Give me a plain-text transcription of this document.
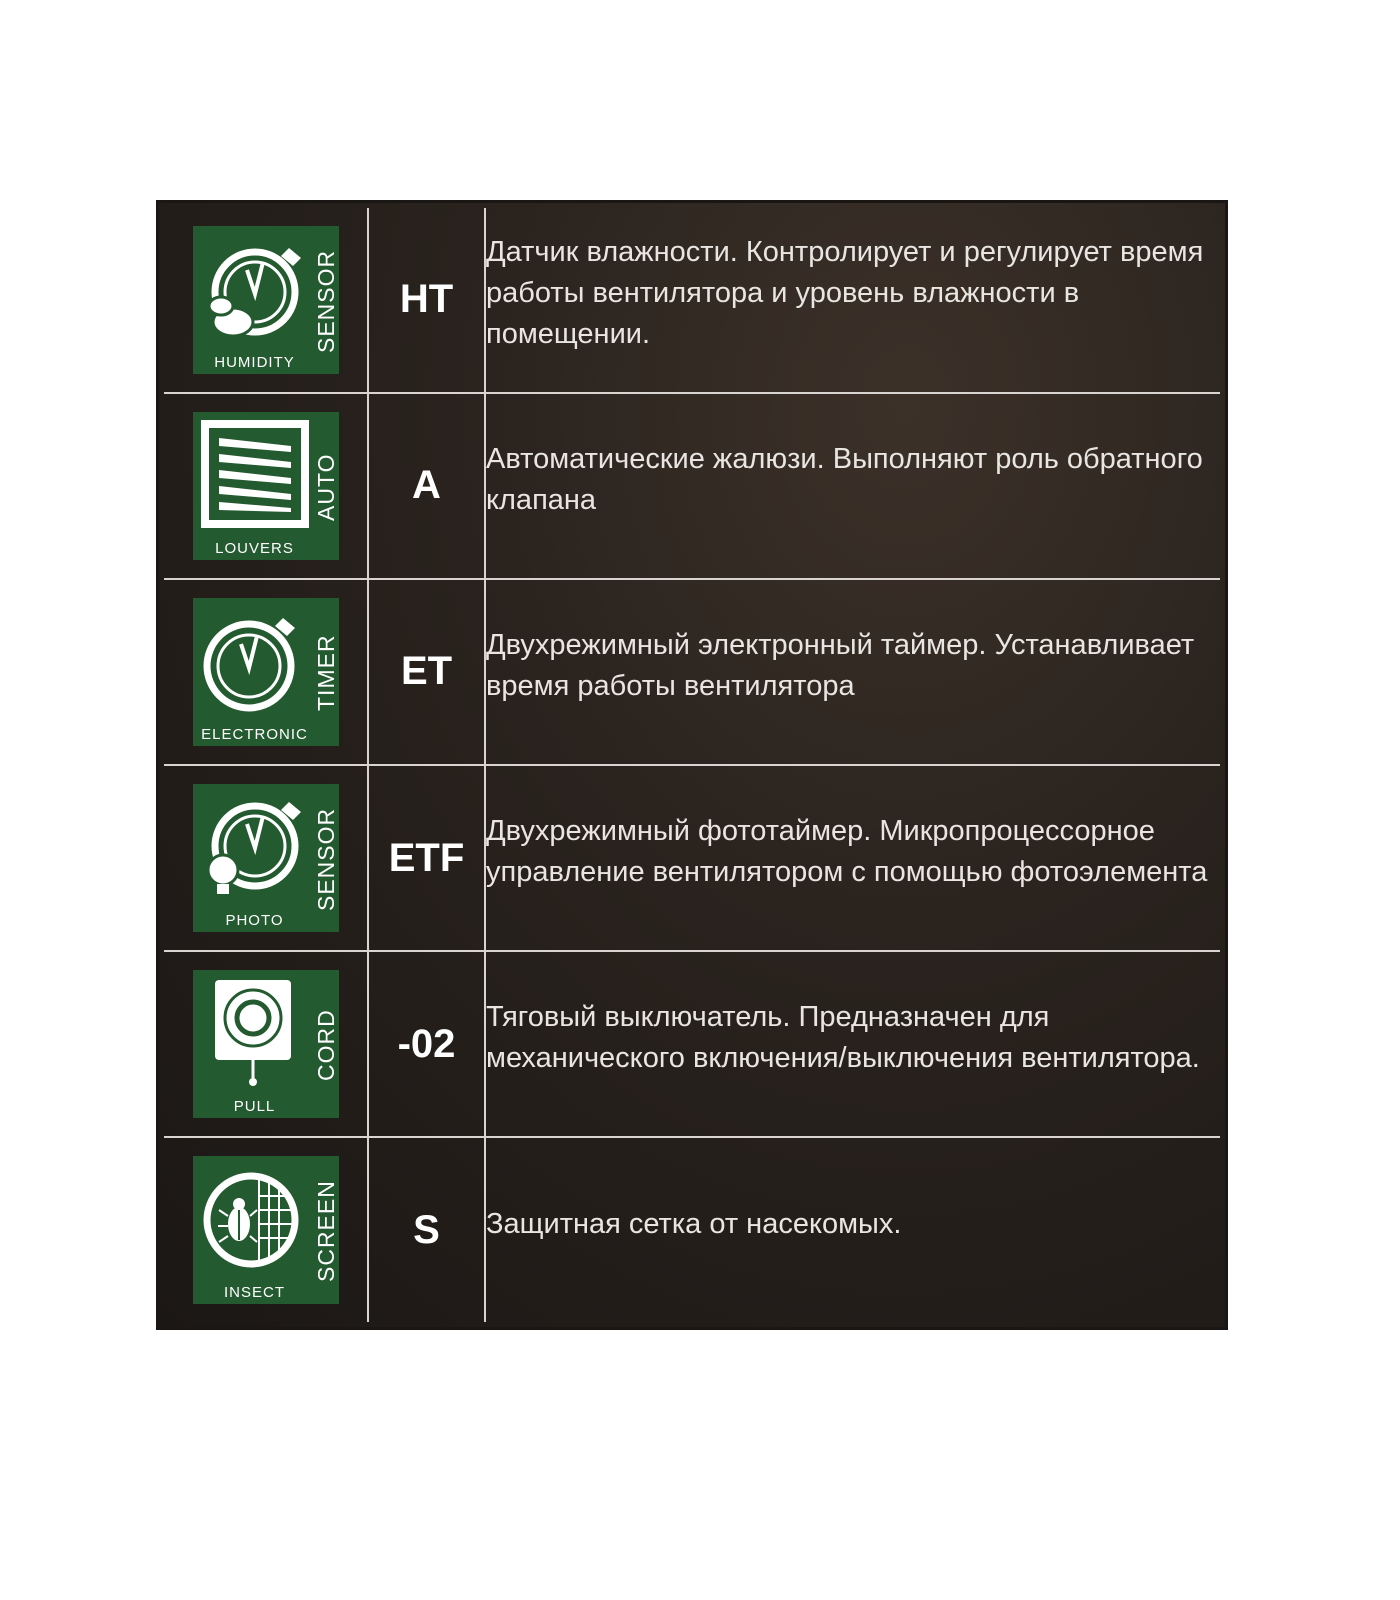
SENSOR
HUMIDITY	HT	Датчик влажности. Контролирует и регулирует время работы вентилятора и уровень влажности в помещении.

AUTO
LOUVERS	A	Автоматические жалюзи. Выполняют роль обратного клапана

TIMER
ELECTRONIC	ET	Двухрежимный электронный таймер. Устанавливает время работы вентилятора

SENSOR
PHOTO	ETF	Двухрежимный фототаймер. Микропроцессорное управление вентилятором с помощью фотоэлемента

CORD
PULL	-02	Тяговый выключатель. Предназначен для механического включения/выключения вентилятора.

SCREEN
INSECT	S	Защитная сетка от насекомых.
